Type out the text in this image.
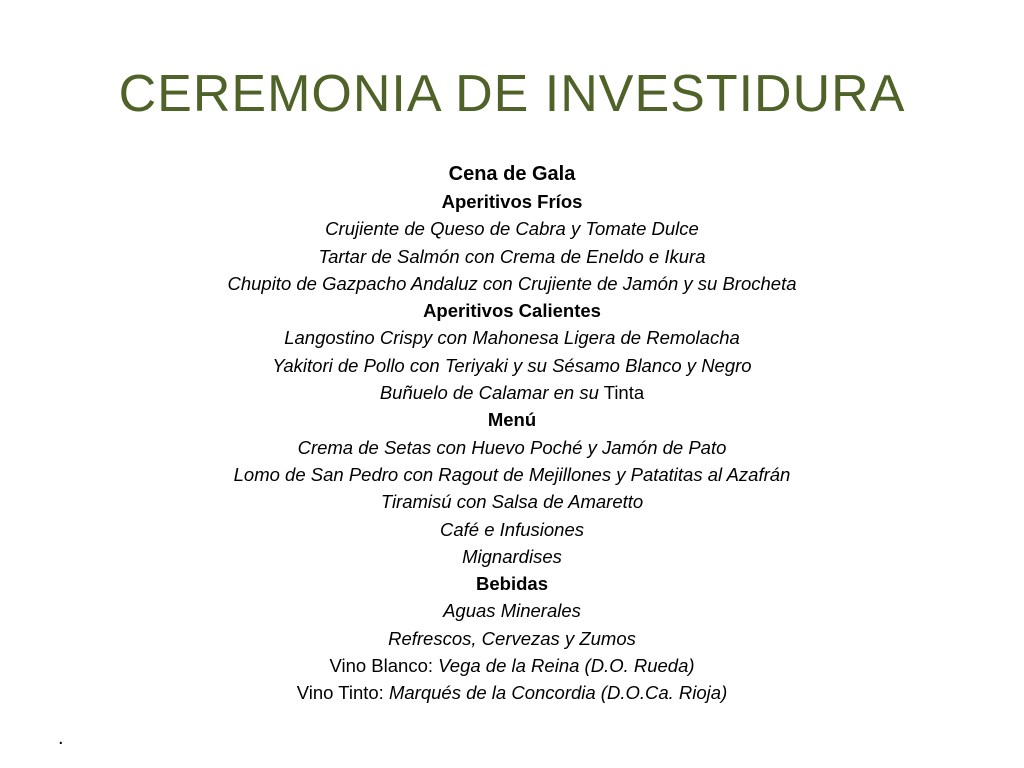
CEREMONIA DE INVESTIDURA
Cena de Gala
Aperitivos Fríos
Crujiente de Queso de Cabra y Tomate Dulce
Tartar de Salmón con Crema de Eneldo e Ikura
Chupito de Gazpacho Andaluz con Crujiente de Jamón y su Brocheta
Aperitivos Calientes
Langostino Crispy con Mahonesa Ligera de Remolacha
Yakitori de Pollo con Teriyaki y su Sésamo Blanco y Negro
Buñuelo de Calamar en su Tinta
Menú
Crema de Setas con Huevo Poché y Jamón de Pato
Lomo de San Pedro con Ragout de Mejillones y Patatitas al Azafrán
Tiramisú con Salsa de Amaretto
Café e Infusiones
Mignardises
Bebidas
Aguas Minerales
Refrescos, Cervezas y Zumos
Vino Blanco: Vega de la Reina (D.O. Rueda)
Vino Tinto: Marqués de la Concordia (D.O.Ca. Rioja)
.
